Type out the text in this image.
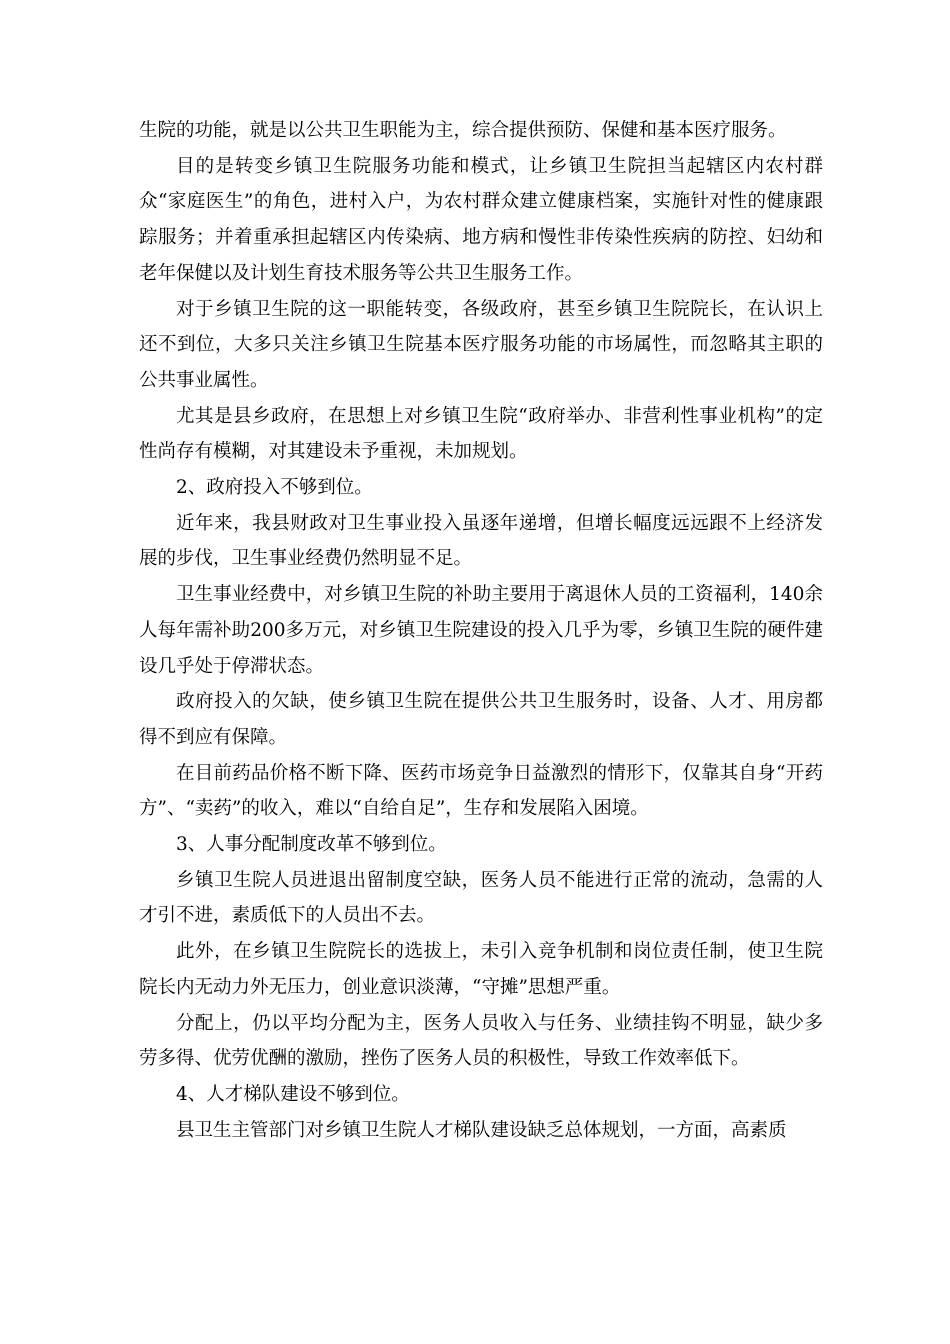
生院的功能，就是以公共卫生职能为主，综合提供预防、保健和基本医疗服务。

目的是转变乡镇卫生院服务功能和模式，让乡镇卫生院担当起辖区内农村群众“家庭医生”的角色，进村入户，为农村群众建立健康档案，实施针对性的健康跟踪服务；并着重承担起辖区内传染病、地方病和慢性非传染性疾病的防控、妇幼和老年保健以及计划生育技术服务等公共卫生服务工作。

对于乡镇卫生院的这一职能转变，各级政府，甚至乡镇卫生院院长，在认识上还不到位，大多只关注乡镇卫生院基本医疗服务功能的市场属性，而忽略其主职的公共事业属性。

尤其是县乡政府，在思想上对乡镇卫生院“政府举办、非营利性事业机构”的定性尚存有模糊，对其建设未予重视，未加规划。

2、政府投入不够到位。

近年来，我县财政对卫生事业投入虽逐年递增，但增长幅度远远跟不上经济发展的步伐，卫生事业经费仍然明显不足。

卫生事业经费中，对乡镇卫生院的补助主要用于离退休人员的工资福利，140余人每年需补助200多万元，对乡镇卫生院建设的投入几乎为零，乡镇卫生院的硬件建设几乎处于停滞状态。

政府投入的欠缺，使乡镇卫生院在提供公共卫生服务时，设备、人才、用房都得不到应有保障。

在目前药品价格不断下降、医药市场竞争日益激烈的情形下，仅靠其自身“开药方”、“卖药”的收入，难以“自给自足”，生存和发展陷入困境。

3、人事分配制度改革不够到位。

乡镇卫生院人员进退出留制度空缺，医务人员不能进行正常的流动，急需的人才引不进，素质低下的人员出不去。

此外，在乡镇卫生院院长的选拔上，未引入竞争机制和岗位责任制，使卫生院院长内无动力外无压力，创业意识淡薄，“守摊”思想严重。

分配上，仍以平均分配为主，医务人员收入与任务、业绩挂钩不明显，缺少多劳多得、优劳优酬的激励，挫伤了医务人员的积极性，导致工作效率低下。

4、人才梯队建设不够到位。

县卫生主管部门对乡镇卫生院人才梯队建设缺乏总体规划，一方面，高素质
